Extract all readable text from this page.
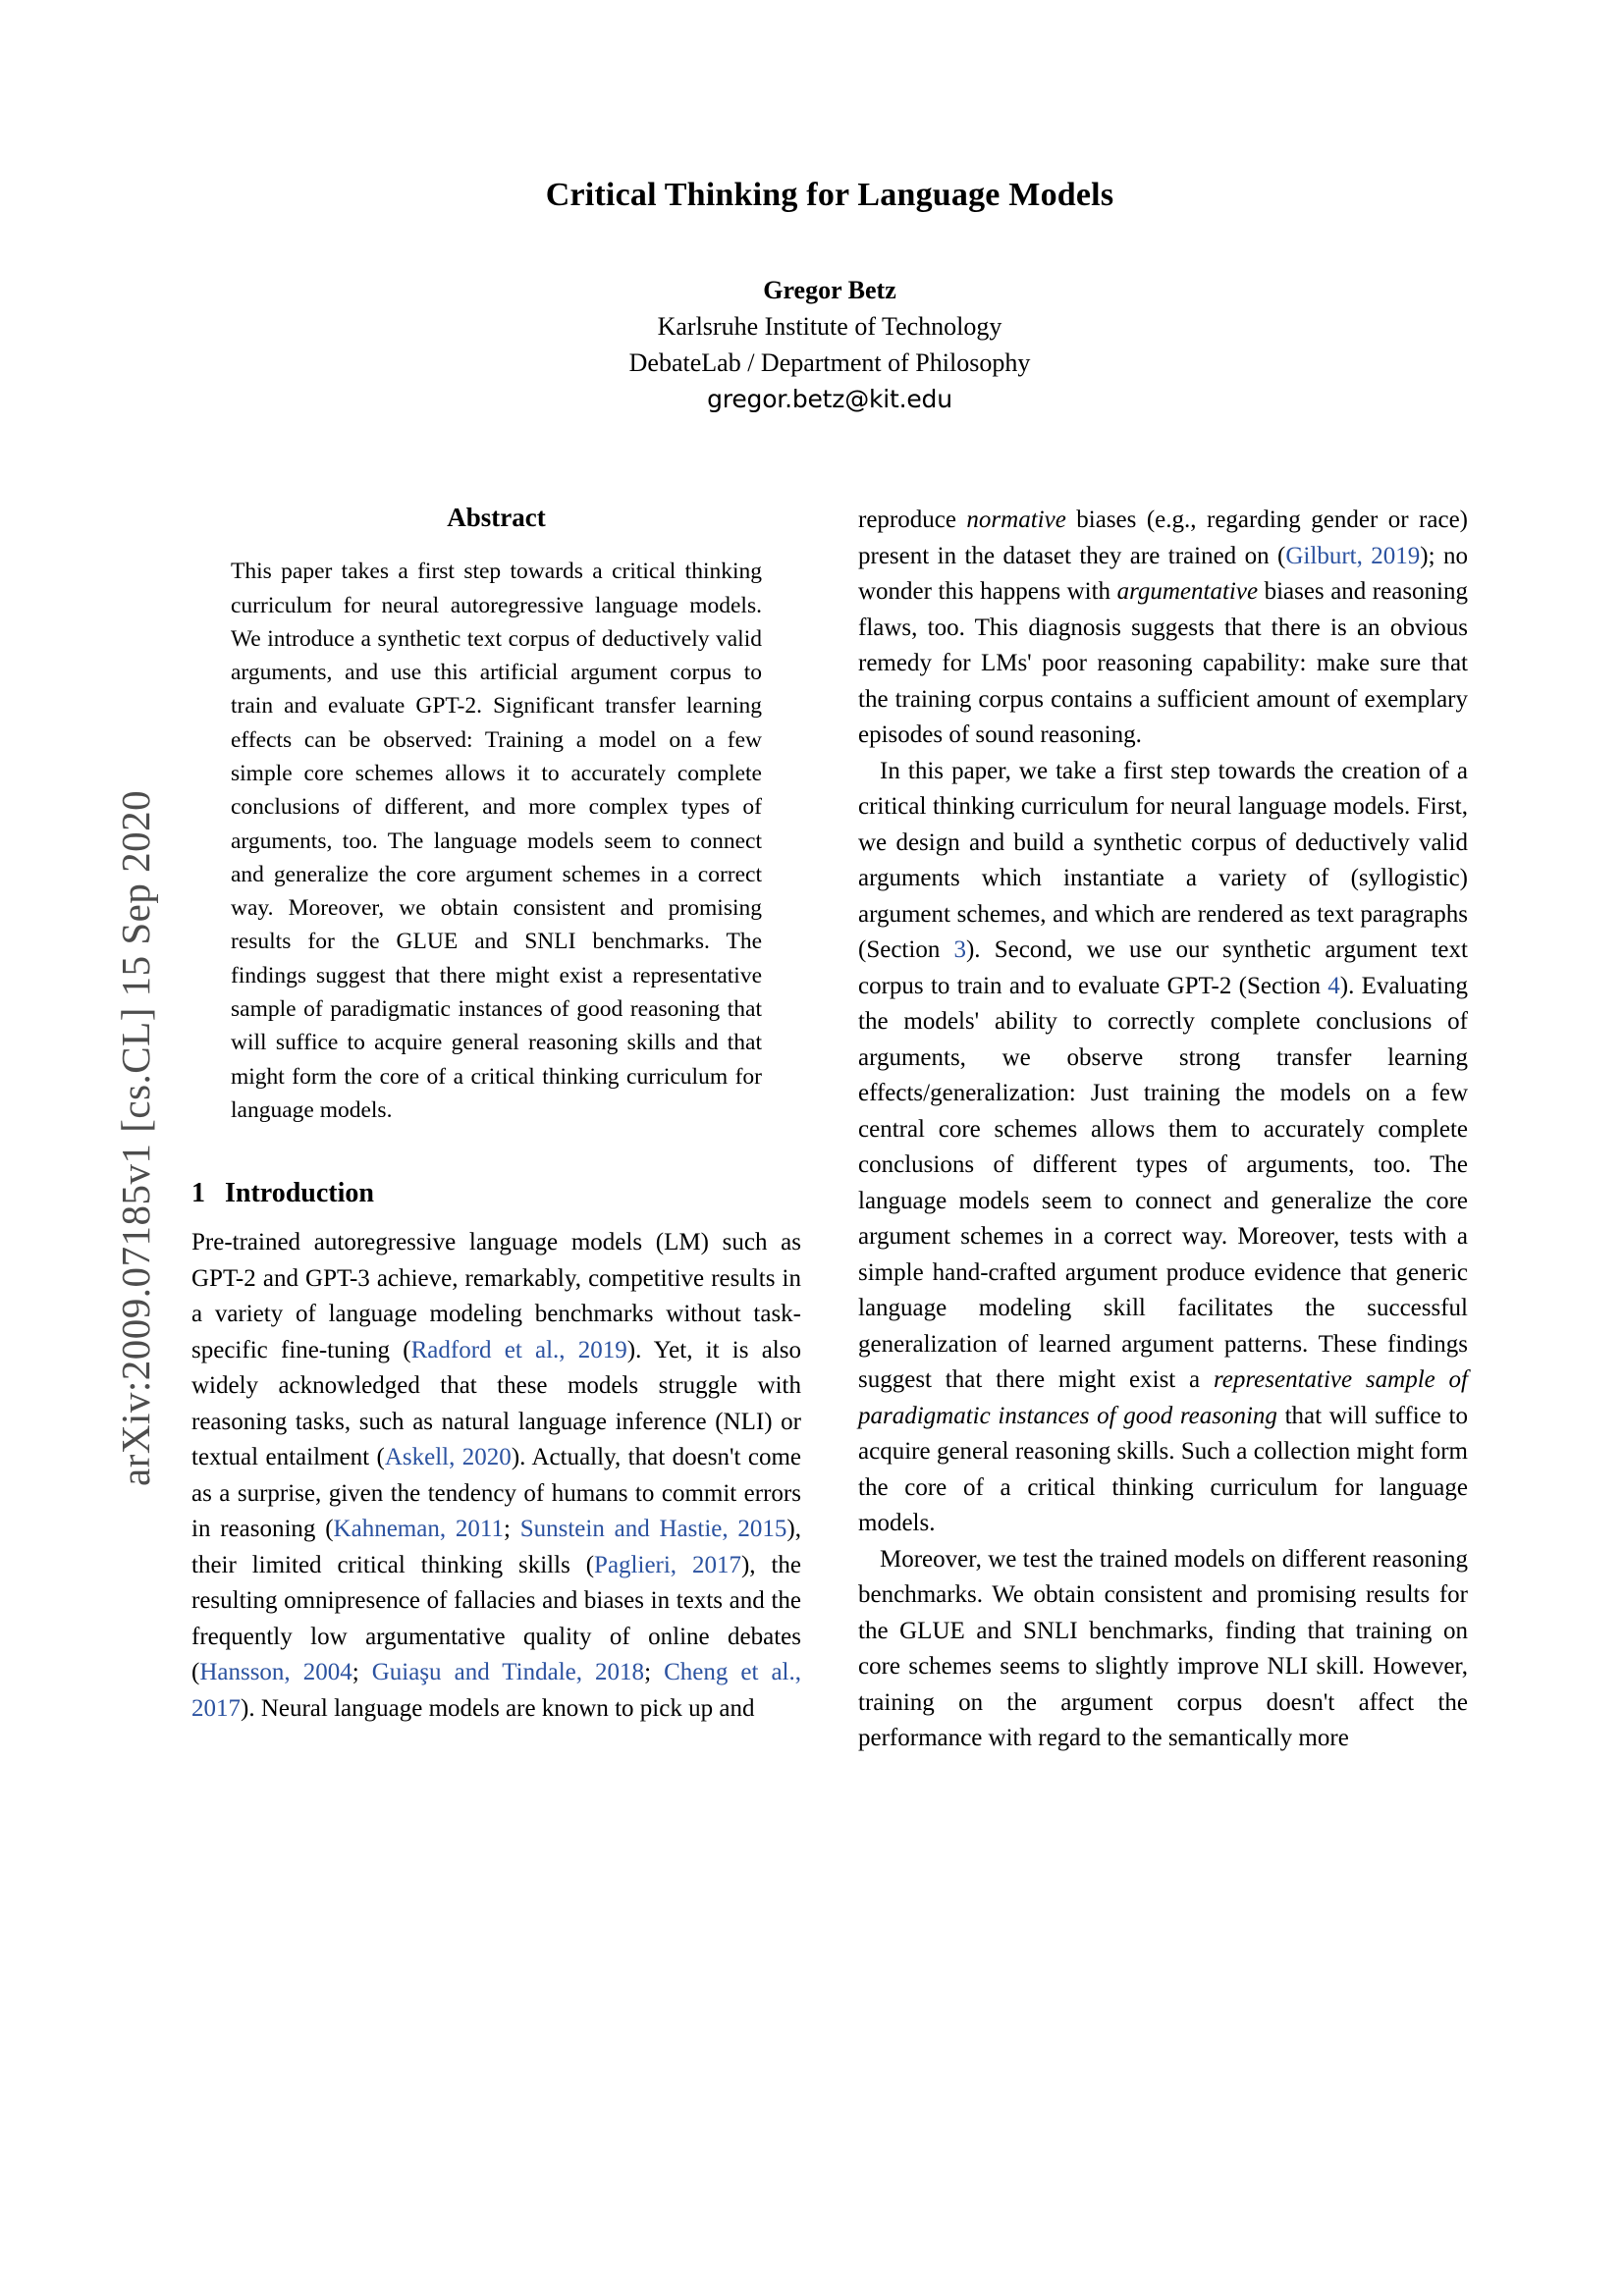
arXiv:2009.07185v1 [cs.CL] 15 Sep 2020
Critical Thinking for Language Models
Gregor Betz
Karlsruhe Institute of Technology
DebateLab / Department of Philosophy
gregor.betz@kit.edu
Abstract
This paper takes a first step towards a critical thinking curriculum for neural autoregressive language models. We introduce a synthetic text corpus of deductively valid arguments, and use this artificial argument corpus to train and evaluate GPT-2. Significant transfer learning effects can be observed: Training a model on a few simple core schemes allows it to accurately complete conclusions of different, and more complex types of arguments, too. The language models seem to connect and generalize the core argument schemes in a correct way. Moreover, we obtain consistent and promising results for the GLUE and SNLI benchmarks. The findings suggest that there might exist a representative sample of paradigmatic instances of good reasoning that will suffice to acquire general reasoning skills and that might form the core of a critical thinking curriculum for language models.
1 Introduction

Pre-trained autoregressive language models (LM) such as GPT-2 and GPT-3 achieve, remarkably, competitive results in a variety of language modeling benchmarks without task-specific fine-tuning (Radford et al., 2019). Yet, it is also widely acknowledged that these models struggle with reasoning tasks, such as natural language inference (NLI) or textual entailment (Askell, 2020). Actually, that doesn't come as a surprise, given the tendency of humans to commit errors in reasoning (Kahneman, 2011; Sunstein and Hastie, 2015), their limited critical thinking skills (Paglieri, 2017), the resulting omnipresence of fallacies and biases in texts and the frequently low argumentative quality of online debates (Hansson, 2004; Guiaşu and Tindale, 2018; Cheng et al., 2017). Neural language models are known to pick up and

reproduce normative biases (e.g., regarding gender or race) present in the dataset they are trained on (Gilburt, 2019); no wonder this happens with argumentative biases and reasoning flaws, too. This diagnosis suggests that there is an obvious remedy for LMs' poor reasoning capability: make sure that the training corpus contains a sufficient amount of exemplary episodes of sound reasoning.

In this paper, we take a first step towards the creation of a critical thinking curriculum for neural language models. First, we design and build a synthetic corpus of deductively valid arguments which instantiate a variety of (syllogistic) argument schemes, and which are rendered as text paragraphs (Section 3). Second, we use our synthetic argument text corpus to train and to evaluate GPT-2 (Section 4). Evaluating the models' ability to correctly complete conclusions of arguments, we observe strong transfer learning effects/generalization: Just training the models on a few central core schemes allows them to accurately complete conclusions of different types of arguments, too. The language models seem to connect and generalize the core argument schemes in a correct way. Moreover, tests with a simple hand-crafted argument produce evidence that generic language modeling skill facilitates the successful generalization of learned argument patterns. These findings suggest that there might exist a representative sample of paradigmatic instances of good reasoning that will suffice to acquire general reasoning skills. Such a collection might form the core of a critical thinking curriculum for language models.

Moreover, we test the trained models on different reasoning benchmarks. We obtain consistent and promising results for the GLUE and SNLI benchmarks, finding that training on core schemes seems to slightly improve NLI skill. However, training on the argument corpus doesn't affect the performance with regard to the semantically more
